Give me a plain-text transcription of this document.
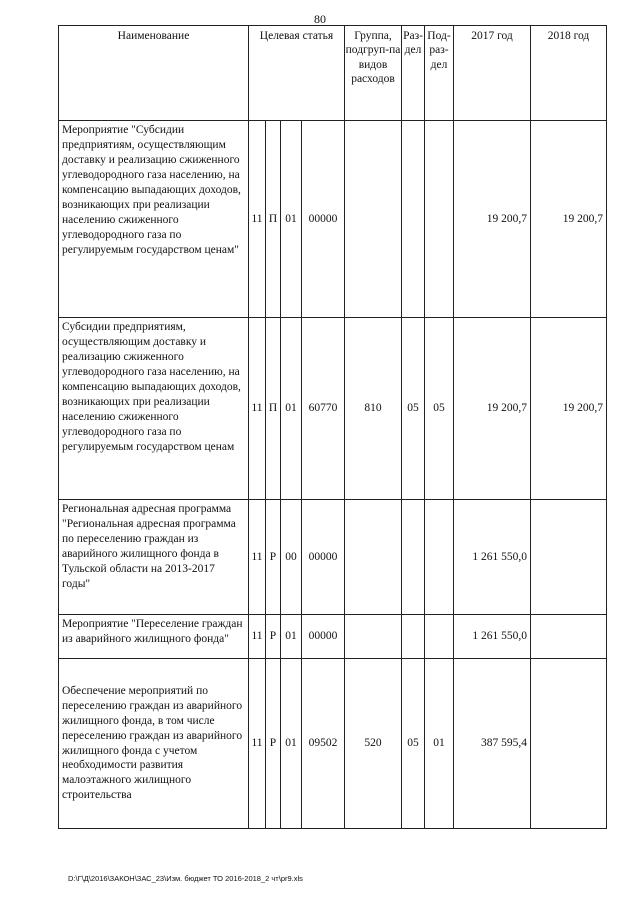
80
Наименование	Целевая статья				Группа, подгруп-па видов расходов	Раз-дел	Под-раз-дел	2017 год	2018 год
Мероприятие "Субсидии предприятиям, осуществляющим доставку и реализацию сжиженного углеводородного газа населению, на компенсацию выпадающих доходов, возникающих при реализации населению сжиженного углеводородного газа по регулируемым государством ценам"	11	П	01	00000				19 200,7	19 200,7
Субсидии предприятиям, осуществляющим доставку и реализацию сжиженного углеводородного газа населению, на компенсацию выпадающих доходов, возникающих при реализации населению сжиженного углеводородного газа по регулируемым государством ценам	11	П	01	60770	810	05	05	19 200,7	19 200,7
Региональная адресная программа "Региональная адресная программа по переселению граждан из аварийного жилищного фонда в Тульской области на 2013-2017 годы"	11	Р	00	00000				1 261 550,0	
Мероприятие "Переселение граждан из аварийного жилищного фонда"	11	Р	01	00000				1 261 550,0	
Обеспечение мероприятий по переселению граждан из аварийного жилищного фонда, в том числе переселению граждан из аварийного жилищного фонда с учетом необходимости развития малоэтажного жилищного строительства	11	Р	01	09502	520	05	01	387 595,4	
D:\Г\Д\2016\ЗАКОН\ЗАС_23\Изм. бюджет ТО 2016-2018_2 чт\pr9.xls
